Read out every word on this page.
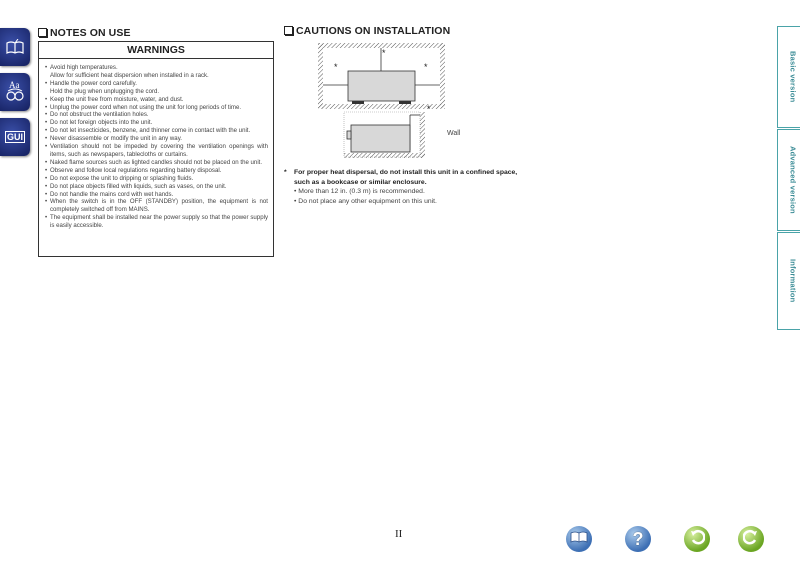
Aa
GUI
NOTES ON USE
WARNINGS
• Avoid high temperatures.
Allow for sufficient heat dispersion when installed in a rack.
• Handle the power cord carefully.
Hold the plug when unplugging the cord.
• Keep the unit free from moisture, water, and dust.
• Unplug the power cord when not using the unit for long periods of time.
• Do not obstruct the ventilation holes.
• Do not let foreign objects into the unit.
• Do not let insecticides, benzene, and thinner come in contact with the unit.
• Never disassemble or modify the unit in any way.
• Ventilation should not be impeded by covering the ventilation openings with items, such as newspapers, tablecloths or curtains.
• Naked flame sources such as lighted candles should not be placed on the unit.
• Observe and follow local regulations regarding battery disposal.
• Do not expose the unit to dripping or splashing fluids.
• Do not place objects filled with liquids, such as vases, on the unit.
• Do not handle the mains cord with wet hands.
• When the switch is in the OFF (STANDBY) position, the equipment is not completely switched off from MAINS.
• The equipment shall be installed near the power supply so that the power supply is easily accessible.
CAUTIONS ON INSTALLATION
*
*	*
*
Wall
* For proper heat dispersal, do not install this unit in a confined space, such as a bookcase or similar enclosure.
• More than 12 in. (0.3 m) is recommended.
• Do not place any other equipment on this unit.
Basic version
Advanced version
Information
II	?
